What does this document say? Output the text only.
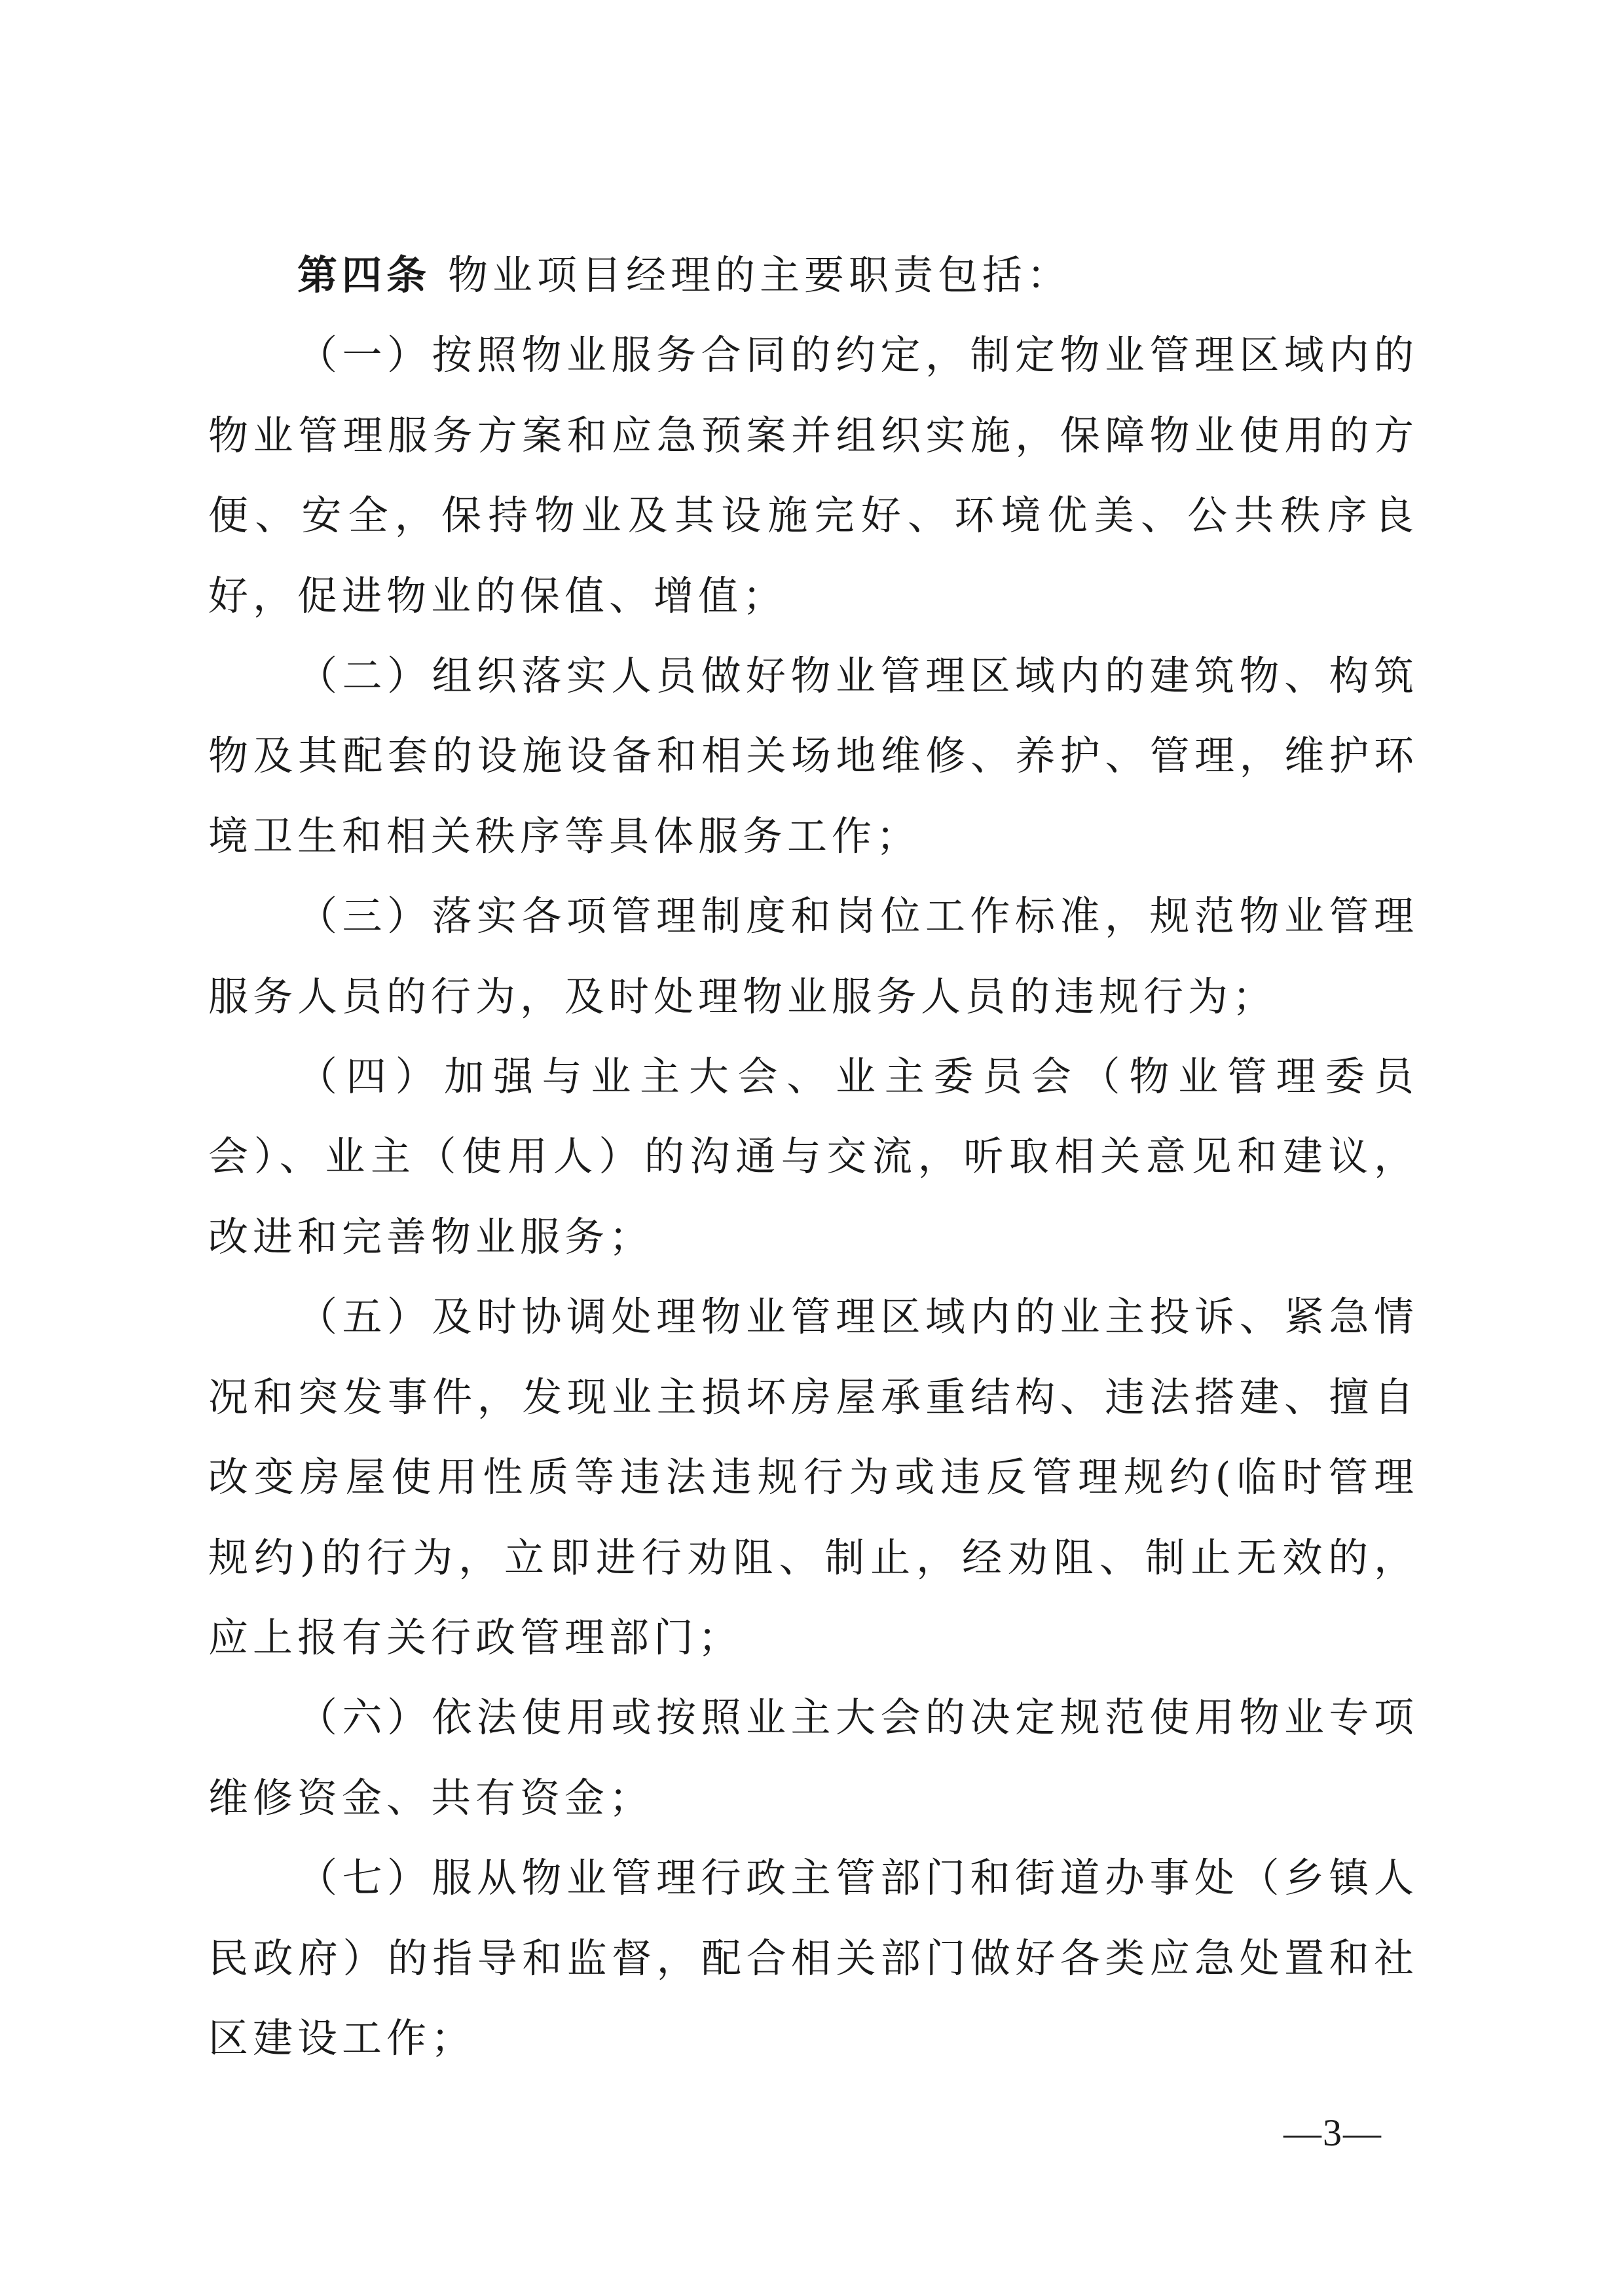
第四条 物业项目经理的主要职责包括：

（一）按照物业服务合同的约定，制定物业管理区域内的物业管理服务方案和应急预案并组织实施，保障物业使用的方便、安全，保持物业及其设施完好、环境优美、公共秩序良好，促进物业的保值、增值；

（二）组织落实人员做好物业管理区域内的建筑物、构筑物及其配套的设施设备和相关场地维修、养护、管理，维护环境卫生和相关秩序等具体服务工作；

（三）落实各项管理制度和岗位工作标准，规范物业管理服务人员的行为，及时处理物业服务人员的违规行为；

（四）加强与业主大会、业主委员会（物业管理委员会）、业主（使用人）的沟通与交流，听取相关意见和建议，改进和完善物业服务；

（五）及时协调处理物业管理区域内的业主投诉、紧急情况和突发事件，发现业主损坏房屋承重结构、违法搭建、擅自改变房屋使用性质等违法违规行为或违反管理规约(临时管理 规约)的行为，立即进行劝阻、制止，经劝阻、制止无效的，应上报有关行政管理部门；

（六）依法使用或按照业主大会的决定规范使用物业专项维修资金、共有资金；

（七）服从物业管理行政主管部门和街道办事处（乡镇人民政府）的指导和监督，配合相关部门做好各类应急处置和社区建设工作；

—3—
